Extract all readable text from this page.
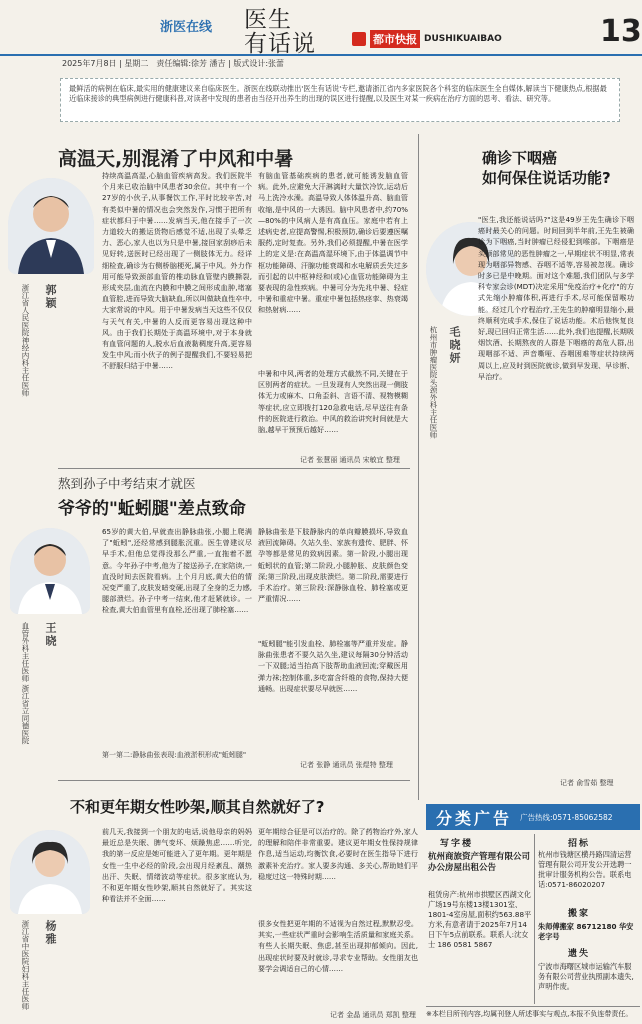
浙医在线 医生
有话说	都市快报 DUSHIKUAIBAO	13
2025年7月8日 | 星期二　责任编辑:徐芳 潘吉 | 版式设计:张蕾
最鲜活的病例在临床,最实用的健康建议来自临床医生。浙医在线联动推出'医生有话说'专栏,邀请浙江省内多家医院各个科室的临床医生全自媒体,解读当下健康热点,根据最近临床接诊的典型病例进行健康科普,对读者中发现的患者由当径开出养生的出现的误区进行提醒,以及医生对某一疾病在治疗方面的思考、看法、研究等。
高温天,别混淆了中风和中暑
郭颖
浙江省人民医院神经内科主任医师
持续高温高湿,心脑血管疾病高发。我们医院半个月来已收治脑中风患者30余位。其中有一个27岁的小伙子,从事餐饮工作,平时比较辛苦,对有类似中暑的情况也会突然发作,习惯于把所有症状都归于中暑……发病当天,他在接手了一次力道较大的搬运货物后感觉不适,出现了头晕乏力、恶心,家人也以为只是中暑,接回家刮痧后未见好转,送医时已经出现了一侧肢体无力。经详细检查,确诊为右侧桥脑梗死,属于中风。外力作用可能导致颈部血管的椎动脉血管壁内膜撕裂,形成夹层,血流在内膜和中膜之间形成血肿,堵塞血管腔,进而导致大脑缺血,所以叫做缺血性卒中,大家常说的中风。用于中暑发病当天这些不仅仅与天气有关,中暑的人反而更容易出现这种中风。由于我们长期处于高温环境中,对于本身就有血管问题的人,脱水后血液黏稠度升高,更容易发生中风;而小伙子的例子提醒我们,不要轻易把不舒服归结于中暑……
有脑血管基础疾病的患者,就可能诱发脑血管病。此外,应避免大汗淋漓时大量饮冷饮,运动后马上洗冷水澡。高温导致人体体温升高、脑血管收缩,是中风的一大诱因。脑中风患者中,约70%—80%的中风病人是有高血压。家庭中若有上述病史者,应提高警惕,积极预防,确诊后要遵医嘱服药,定时复查。另外,我们必须提醒,中暑在医学上的定义是:在高温高湿环境下,由于体温调节中枢功能障碍、汗腺功能衰竭和水电解质丢失过多而引起的以中枢神经和(或)心血管功能障碍为主要表现的急性疾病。中暑可分为先兆中暑、轻症中暑和重症中暑。重症中暑包括热痉挛、热衰竭和热射病……
中暑和中风,两者的处理方式截然不同,关键在于区别两者的症状。一旦发现有人突然出现一侧肢体无力或麻木、口角歪斜、言语不清、视物模糊等症状,应立即拨打120急救电话,尽早送往有条件的医院进行救治。中风的救治讲究时间就是大脑,越早干预预后越好……
记者 张慧丽 通讯员 宋敏宜 整理
熬到孙子中考结束才就医
爷爷的"蚯蚓腿"差点致命
王晓
血管外科主任医师 浙江省立同德医院
65岁的黄大伯,早就查出静脉曲张,小腿上爬满了"蚯蚓",还经常感到腿胀沉重。医生曾建议尽早手术,但他总觉得没那么严重,一直拖着不愿意。今年孙子中考,他为了接送孙子,在家陪读,一直没时间去医院看病。上个月月底,黄大伯的情况变严重了,皮肤发暗变硬,出现了全身的乏力感,腿部溃烂。孙子中考一结束,他才赶紧就诊。一检查,黄大伯血管里有血栓,还出现了肺栓塞……
静脉曲张是下肢静脉内的单向瓣膜损坏,导致血液回流障碍。久站久坐、家族有遗传、肥胖、怀孕等都是常见的致病因素。第一阶段,小腿出现蚯蚓状的血管;第二阶段,小腿肿胀、皮肤颜色变深;第三阶段,出现皮肤溃烂。第二阶段,需要进行手术治疗。第三阶段:深静脉血栓、肺栓塞或更严重情况……
"蚯蚓腿"能引发血栓、肺栓塞等严重并发症。静脉曲张患者不要久站久坐,建议每隔30分钟活动一下双腿;适当抬高下肢帮助血液回流;穿戴医用弹力袜;控制体重,多吃富含纤维的食物,保持大便通畅。出现症状要尽早就医……
第一第二:静脉曲张表现:血液淤积形成"蚯蚓腿"
记者 张静 通讯员 张煜特 整理
不和更年期女性吵架,顺其自然就好了?
杨雅
浙江省中医院妇科主任医师
前几天,我接到一个朋友的电话,说他母亲的妈妈最近总是失眠、脾气变坏、烦躁焦虑……听完,我的第一反应是她可能进入了更年期。更年期是女性一生中必经的阶段,会出现月经紊乱、潮热出汗、失眠、情绪波动等症状。很多家庭认为,不和更年期女性吵架,顺其自然就好了。其实这种看法并不全面……
更年期综合征是可以治疗的。除了药物治疗外,家人的理解和陪伴非常重要。建议更年期女性保持规律作息,适当运动,均衡饮食,必要时在医生指导下进行激素补充治疗。家人要多沟通、多关心,帮助她们平稳度过这一特殊时期……
很多女性把更年期的不适视为自然过程,默默忍受。其实,一些症状严重时会影响生活质量和家庭关系。有些人长期失眠、焦虑,甚至出现抑郁倾向。因此,出现症状时要及时就诊,寻求专业帮助。女性朋友也要学会调适自己的心情……
记者 金晶 通讯员 郑凯 整理
确诊下咽癌
如何保住说话功能?
毛晓妍
杭州市肿瘤医院头颈外科主任医师
"医生,我还能说话吗?"这是49岁王先生确诊下咽癌时最关心的问题。时间回到半年前,王先生被确诊为下咽癌,当时肿瘤已经侵犯到喉部。下咽癌是头颈部常见的恶性肿瘤之一,早期症状不明显,常表现为咽部异物感、吞咽不适等,容易被忽视。确诊时多已是中晚期。面对这个难题,我们团队与多学科专家会诊(MDT)决定采用"免疫治疗+化疗"的方式先缩小肿瘤体积,再进行手术,尽可能保留喉功能。经过几个疗程治疗,王先生的肿瘤明显缩小,最终顺利完成手术,保住了说话功能。术后他恢复良好,现已回归正常生活……此外,我们也提醒,长期吸烟饮酒、长期熬夜的人群是下咽癌的高危人群,出现咽部不适、声音嘶哑、吞咽困难等症状持续两周以上,应及时到医院就诊,做到早发现、早诊断、早治疗。
记者 俞雪茹 整理
分类广告 广告热线:0571-85062582
写字楼
杭州商旅资产管理有限公司办公房屋出租公告
租赁房产:杭州市拱墅区西湖文化广场19号东楼13楼1301室、1801-4室房屋,面积约563.88平方米,有意者请于2025年7月14日下午5点前联系。联系人:沈女士 186 0581 5867
招标
杭州市钱塘区横丹路四清运营管理有限公司开发公开选聘一批审计服务机构公告。联系电话:0571-86020207
搬家
朱师傅搬家 86712180 华安老字号
遗失
宁波市海曙区城市运输汽车服务有限公司营业执照副本遗失,声明作废。
※本栏目所刊内容,均属刊登人所述事实与观点,本报不负连带责任。
